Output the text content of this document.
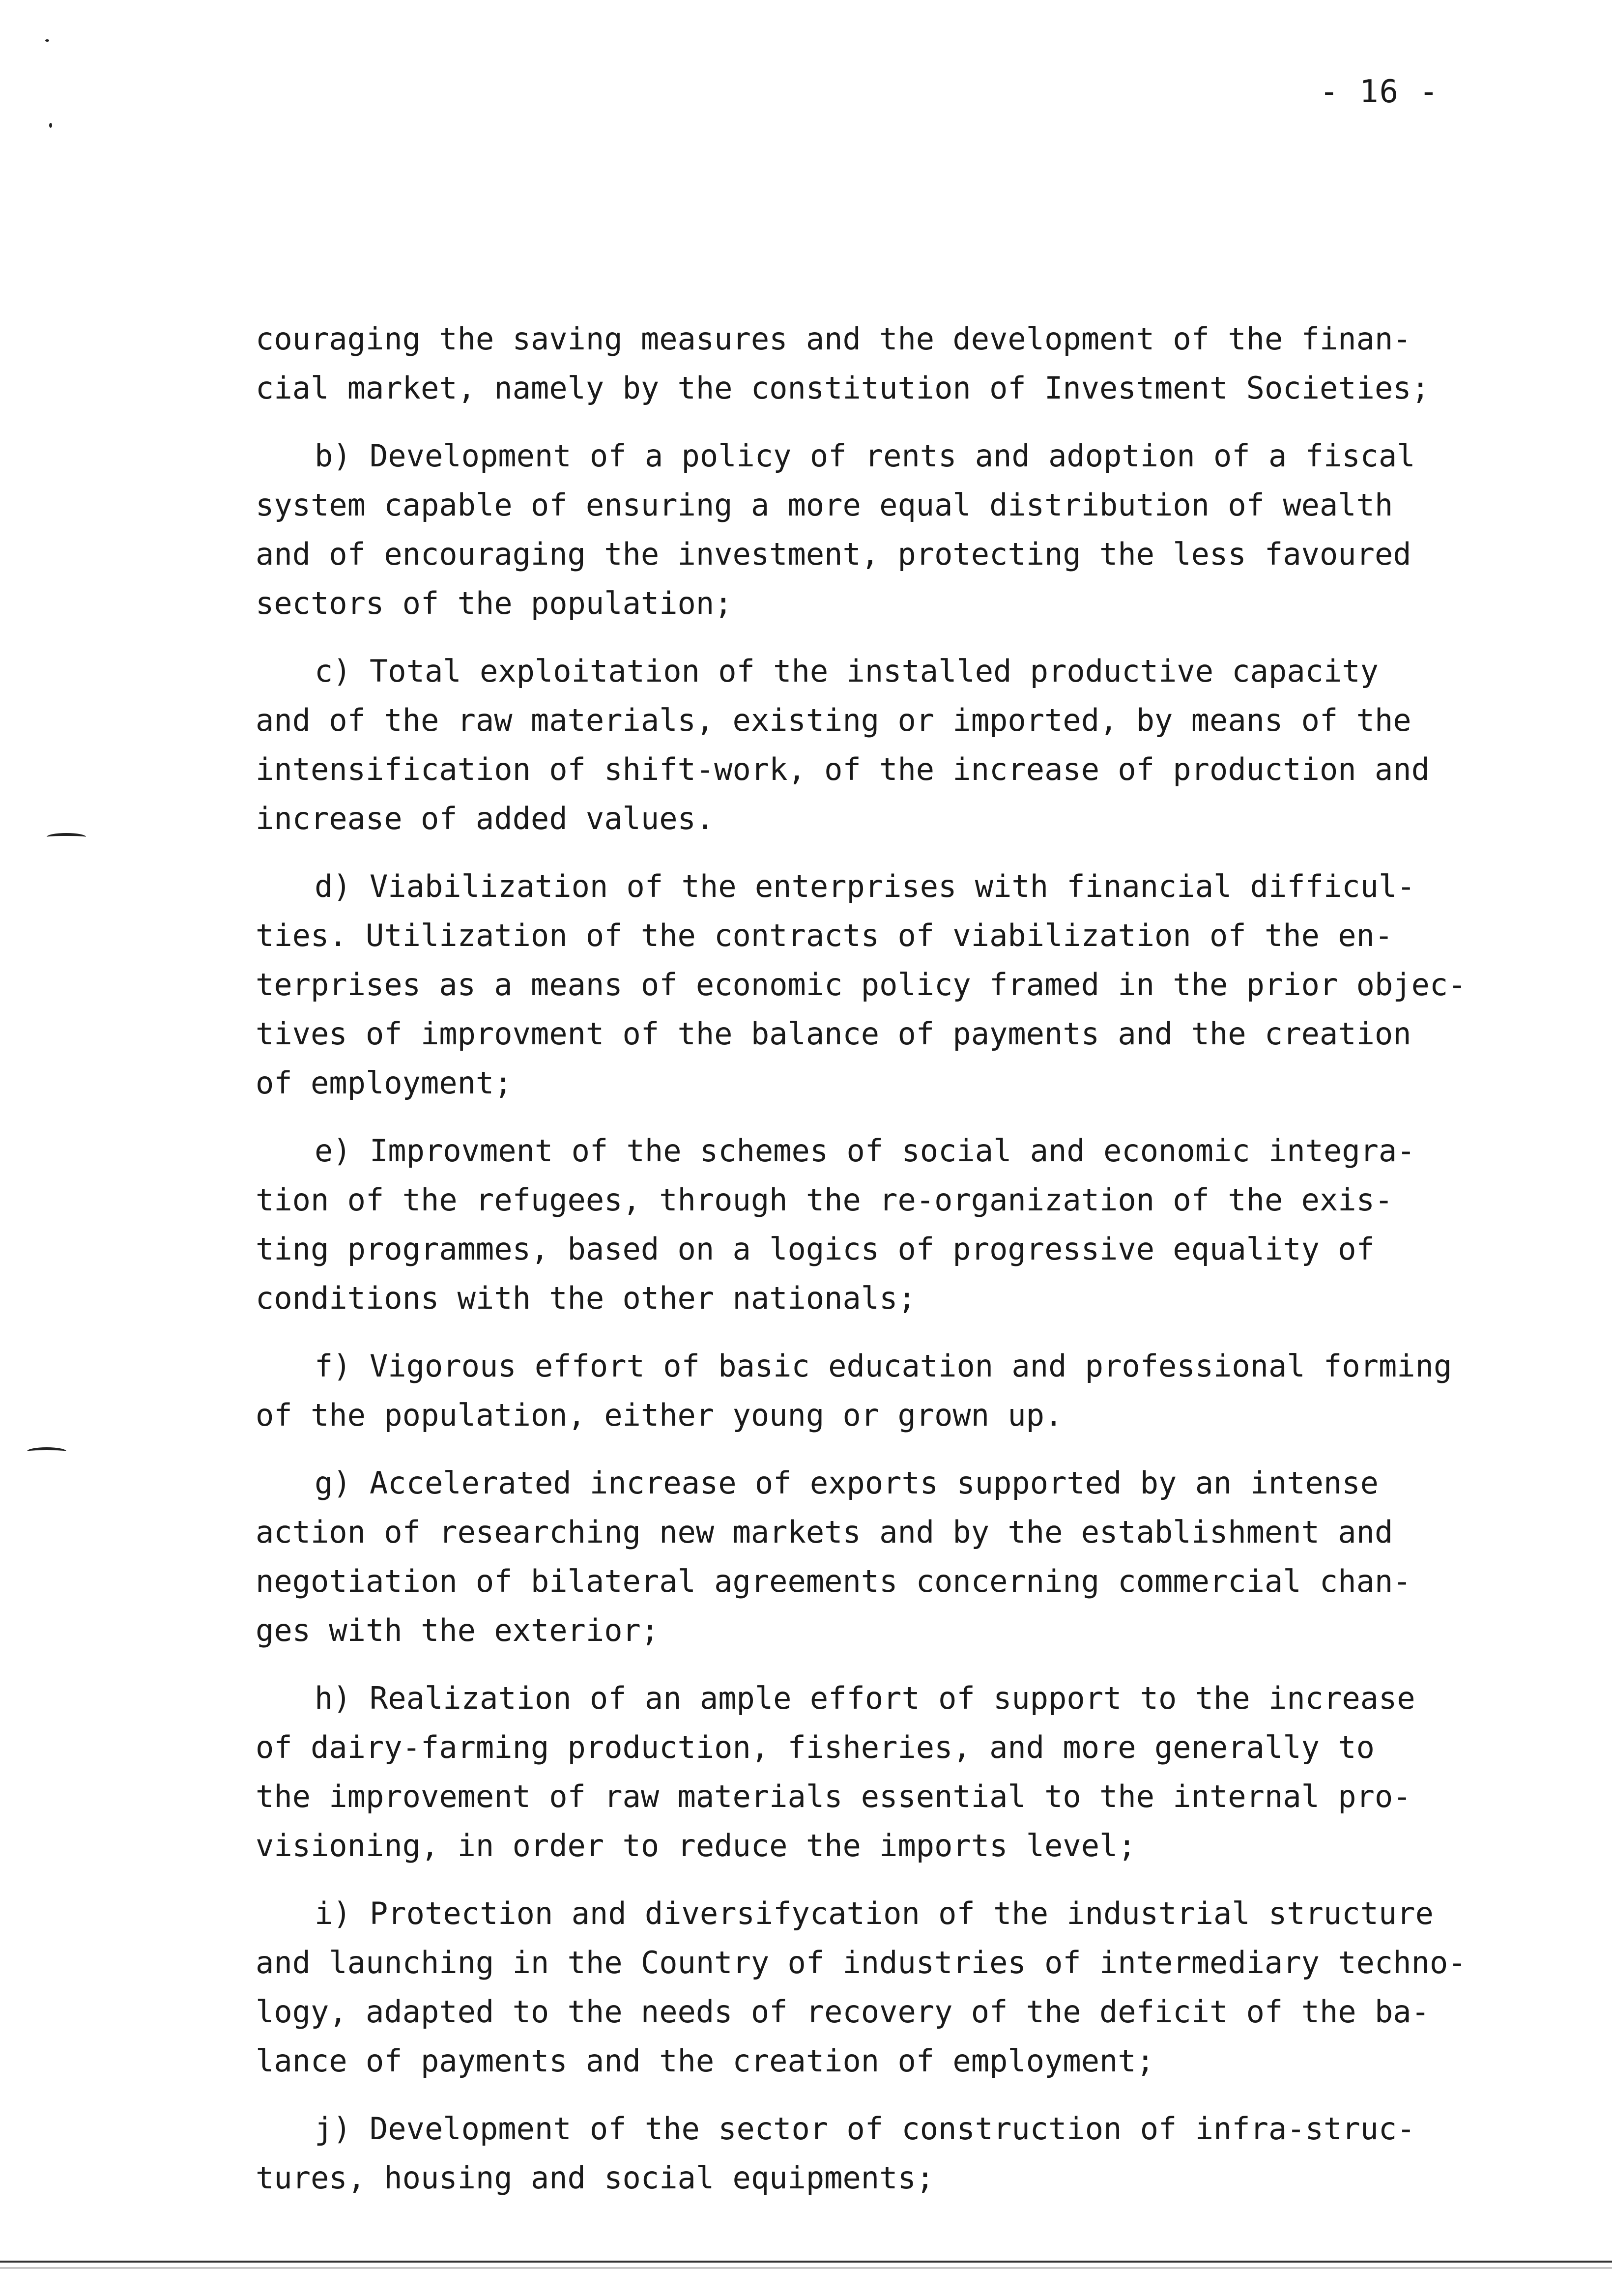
- 16 -

couraging the saving measures and the development of the finan-
cial market, namely by the constitution of Investment Societies;

b) Development of a policy of rents and adoption of a fiscal
system capable of ensuring a more equal distribution of wealth
and of encouraging the investment, protecting the less favoured
sectors of the population;

c) Total exploitation of the installed productive capacity
and of the raw materials, existing or imported, by means of the
intensification of shift-work, of the increase of production and
increase of added values.

d) Viabilization of the enterprises with financial difficul-
ties. Utilization of the contracts of viabilization of the en-
terprises as a means of economic policy framed in the prior objec-
tives of improvment of the balance of payments and the creation
of employment;

e) Improvment of the schemes of social and economic integra-
tion of the refugees, through the re-organization of the exis-
ting programmes, based on a logics of progressive equality of
conditions with the other nationals;

f) Vigorous effort of basic education and professional forming
of the population, either young or grown up.

g) Accelerated increase of exports supported by an intense
action of researching new markets and by the establishment and
negotiation of bilateral agreements concerning commercial chan-
ges with the exterior;

h) Realization of an ample effort of support to the increase
of dairy-farming production, fisheries, and more generally to
the improvement of raw materials essential to the internal pro-
visioning, in order to reduce the imports level;

i) Protection and diversifycation of the industrial structure
and launching in the Country of industries of intermediary techno-
logy, adapted to the needs of recovery of the deficit of the ba-
lance of payments and the creation of employment;

j) Development of the sector of construction of infra-struc-
tures, housing and social equipments;
